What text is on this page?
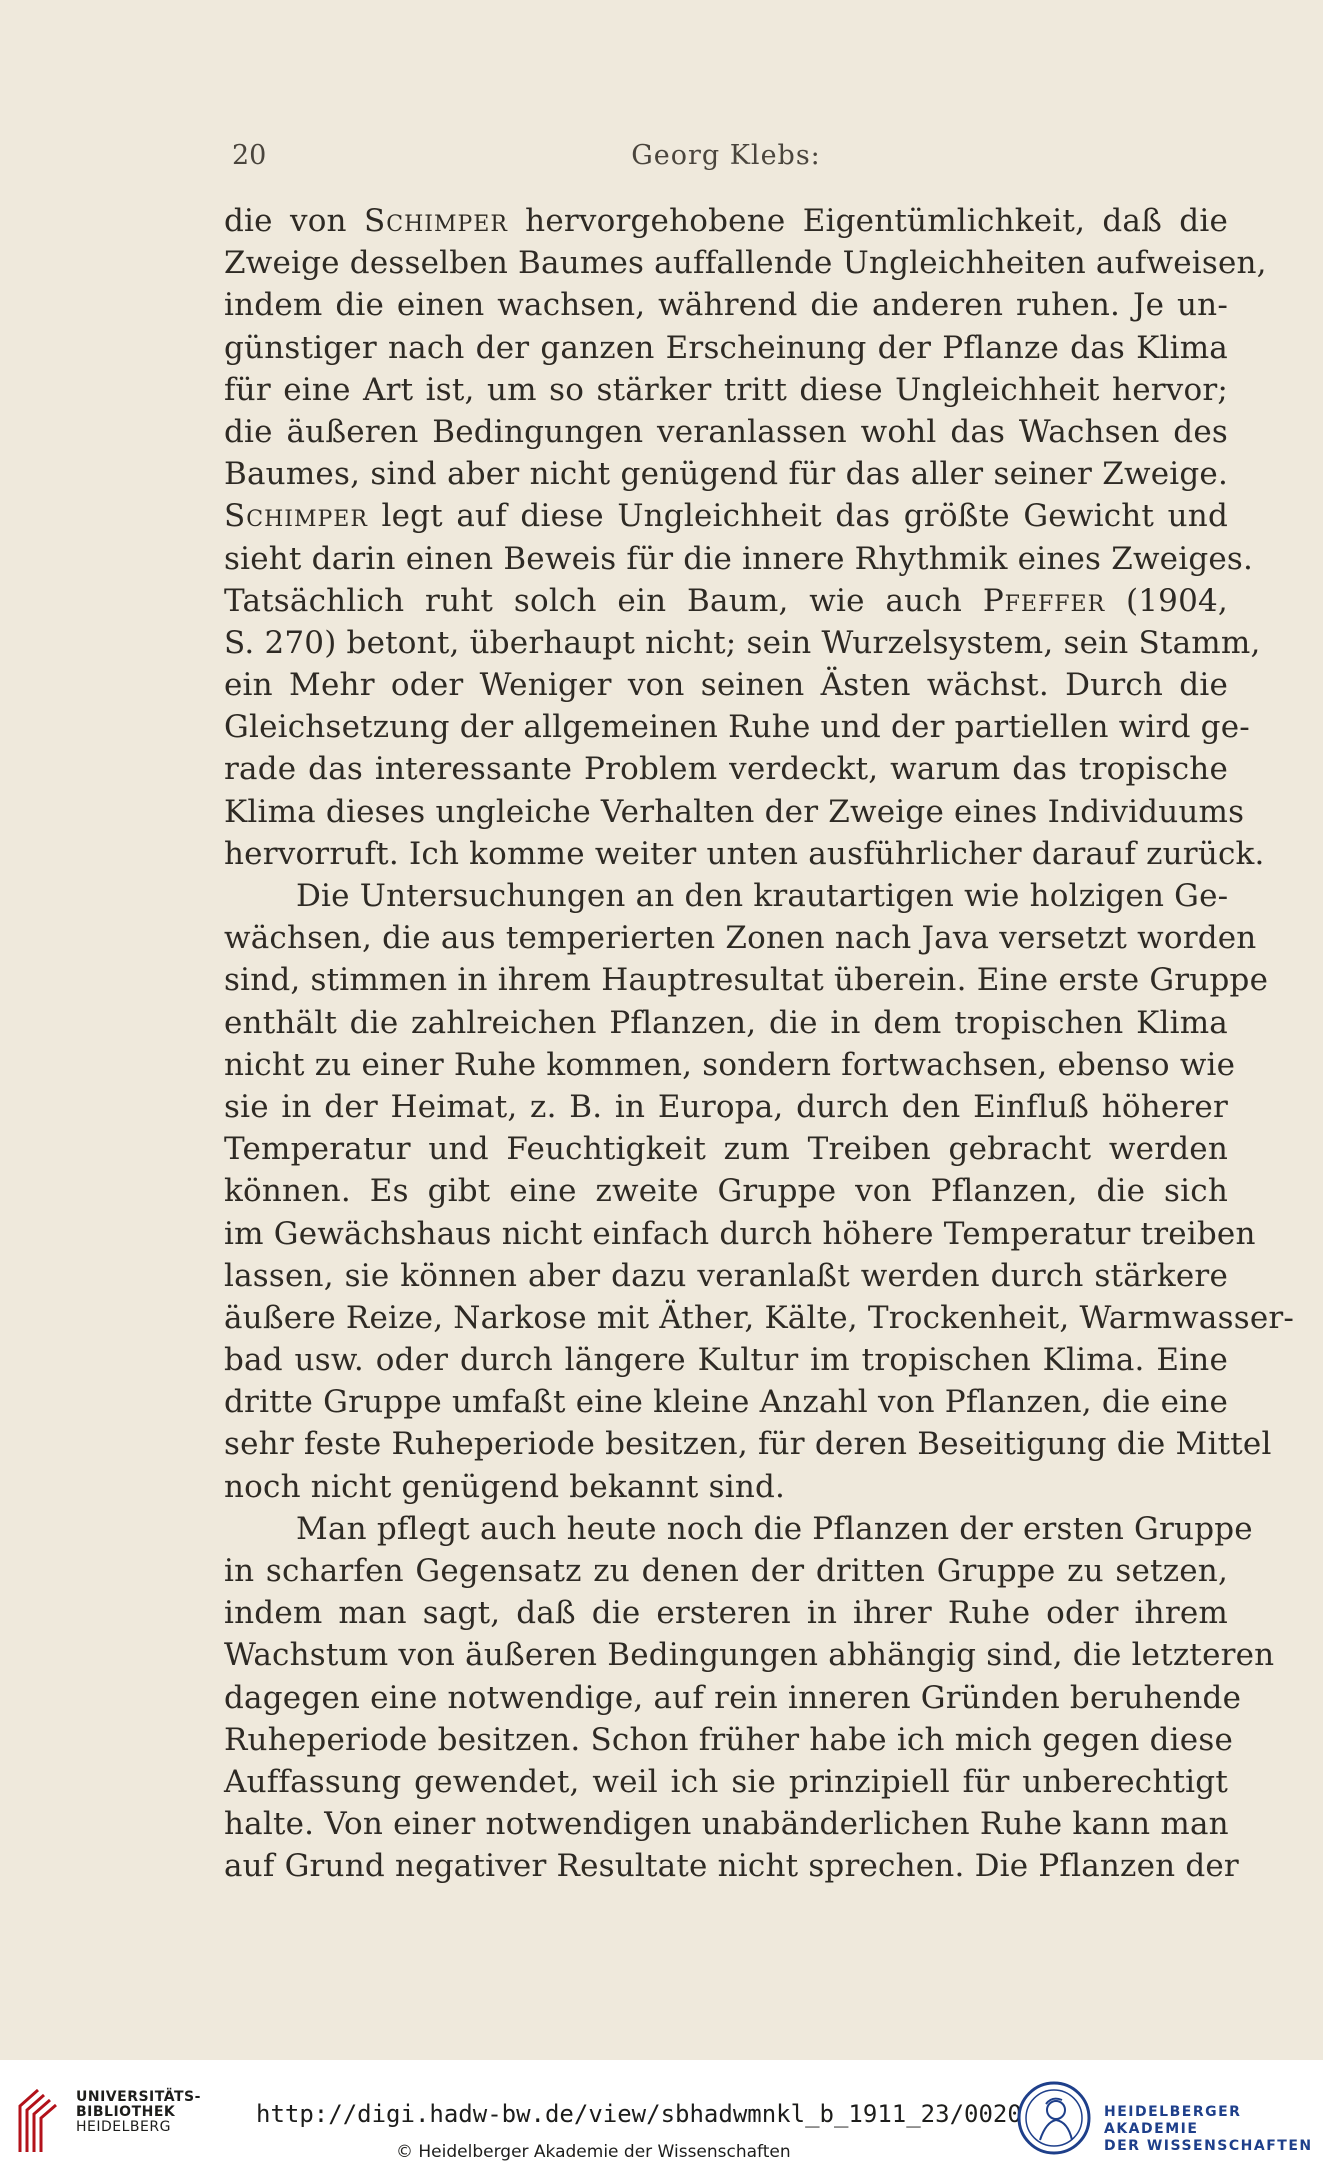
20	Georg Klebs:
die von Schimper hervorgehobene Eigentümlichkeit, daß die
Zweige desselben Baumes auffallende Ungleichheiten aufweisen,
indem die einen wachsen, während die anderen ruhen. Je un-
günstiger nach der ganzen Erscheinung der Pflanze das Klima
für eine Art ist, um so stärker tritt diese Ungleichheit hervor;
die äußeren Bedingungen veranlassen wohl das Wachsen des
Baumes, sind aber nicht genügend für das aller seiner Zweige.
Schimper legt auf diese Ungleichheit das größte Gewicht und
sieht darin einen Beweis für die innere Rhythmik eines Zweiges.
Tatsächlich ruht solch ein Baum, wie auch Pfeffer (1904,
S. 270) betont, überhaupt nicht; sein Wurzelsystem, sein Stamm,
ein Mehr oder Weniger von seinen Ästen wächst. Durch die
Gleichsetzung der allgemeinen Ruhe und der partiellen wird ge-
rade das interessante Problem verdeckt, warum das tropische
Klima dieses ungleiche Verhalten der Zweige eines Individuums
hervorruft. Ich komme weiter unten ausführlicher darauf zurück.
Die Untersuchungen an den krautartigen wie holzigen Ge-
wächsen, die aus temperierten Zonen nach Java versetzt worden
sind, stimmen in ihrem Hauptresultat überein. Eine erste Gruppe
enthält die zahlreichen Pflanzen, die in dem tropischen Klima
nicht zu einer Ruhe kommen, sondern fortwachsen, ebenso wie
sie in der Heimat, z. B. in Europa, durch den Einfluß höherer
Temperatur und Feuchtigkeit zum Treiben gebracht werden
können. Es gibt eine zweite Gruppe von Pflanzen, die sich
im Gewächshaus nicht einfach durch höhere Temperatur treiben
lassen, sie können aber dazu veranlaßt werden durch stärkere
äußere Reize, Narkose mit Äther, Kälte, Trockenheit, Warmwasser-
bad usw. oder durch längere Kultur im tropischen Klima. Eine
dritte Gruppe umfaßt eine kleine Anzahl von Pflanzen, die eine
sehr feste Ruheperiode besitzen, für deren Beseitigung die Mittel
noch nicht genügend bekannt sind.
Man pflegt auch heute noch die Pflanzen der ersten Gruppe
in scharfen Gegensatz zu denen der dritten Gruppe zu setzen,
indem man sagt, daß die ersteren in ihrer Ruhe oder ihrem
Wachstum von äußeren Bedingungen abhängig sind, die letzteren
dagegen eine notwendige, auf rein inneren Gründen beruhende
Ruheperiode besitzen. Schon früher habe ich mich gegen diese
Auffassung gewendet, weil ich sie prinzipiell für unberechtigt
halte. Von einer notwendigen unabänderlichen Ruhe kann man
auf Grund negativer Resultate nicht sprechen. Die Pflanzen der
UNIVERSITÄTS-
BIBLIOTHEK
HEIDELBERG	http://digi.hadw-bw.de/view/sbhadwmnkl_b_1911_23/0020
© Heidelberger Akademie der Wissenschaften
HEIDELBERGER AKADEMIE
DER WISSENSCHAFTEN
